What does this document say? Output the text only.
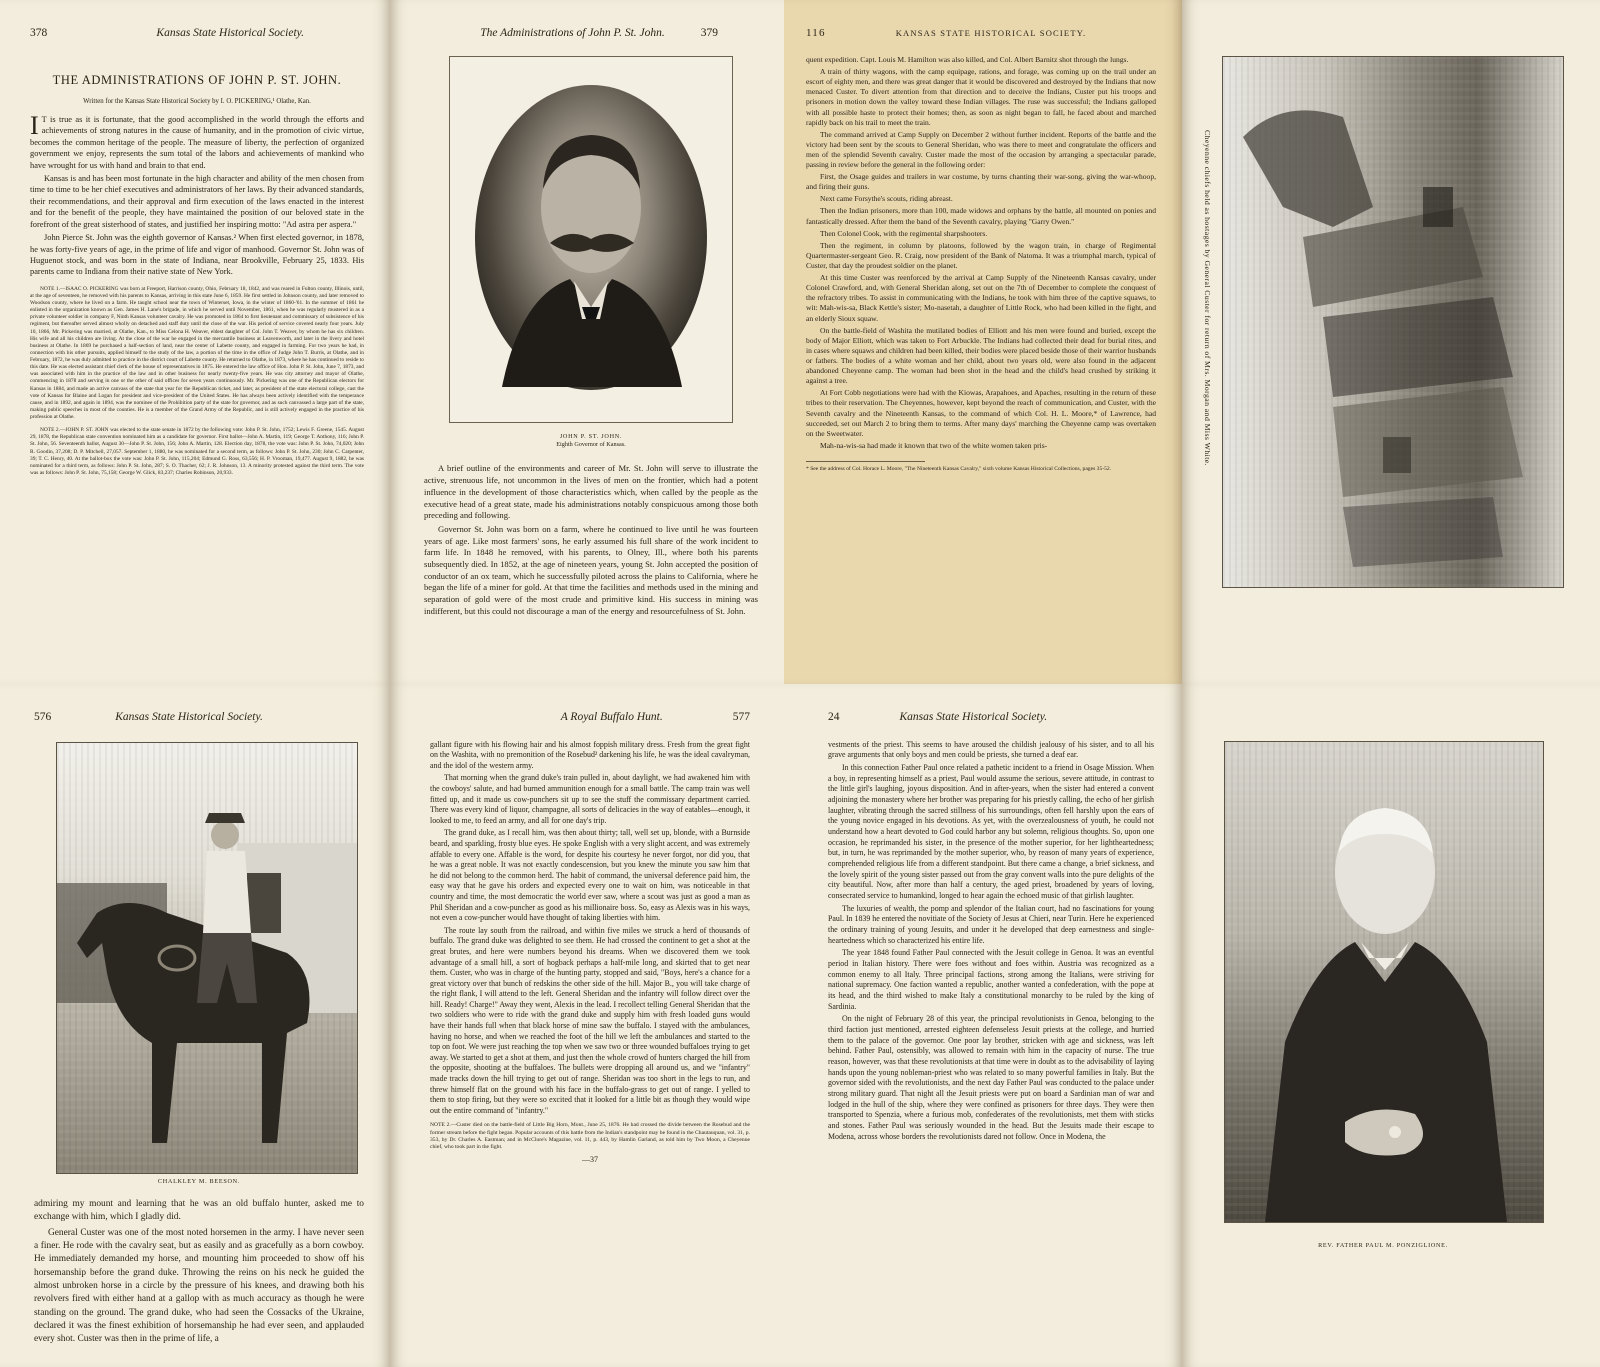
378	Kansas State Historical Society.
THE ADMINISTRATIONS OF JOHN P. ST. JOHN.
Written for the Kansas State Historical Society by I. O. PICKERING,¹ Olathe, Kan.

I T is true as it is fortunate, that the good accomplished in the world through the efforts and achievements of strong natures in the cause of humanity, and in the promotion of civic virtue, becomes the common heritage of the people. The measure of liberty, the perfection of organized government we enjoy, represents the sum total of the labors and achievements of mankind who have wrought for us with hand and brain to that end.

Kansas is and has been most fortunate in the high character and ability of the men chosen from time to time to be her chief executives and administrators of her laws. By their advanced standards, their recommendations, and their approval and firm execution of the laws enacted in the interest and for the benefit of the people, they have maintained the position of our beloved state in the forefront of the great sisterhood of states, and justified her inspiring motto: "Ad astra per aspera."

John Pierce St. John was the eighth governor of Kansas.² When first elected governor, in 1878, he was forty-five years of age, in the prime of life and vigor of manhood. Governor St. John was of Huguenot stock, and was born in the state of Indiana, near Brookville, February 25, 1833. His parents came to Indiana from their native state of New York.

NOTE 1.—ISAAC O. PICKERING was born at Freeport, Harrison county, Ohio, February 18, 1842, and was reared in Fulton county, Illinois, until, at the age of seventeen, he removed with his parents to Kansas, arriving in this state June 6, 1859. He first settled in Johnson county, and later removed to Woodson county, where he lived on a farm. He taught school near the town of Winterset, Iowa, in the winter of 1860-'61. In the summer of 1861 he enlisted in the organization known as Gen. James H. Lane's brigade, in which he served until November, 1861, when he was regularly mustered in as a private volunteer soldier in company F, Ninth Kansas volunteer cavalry. He was promoted in 1864 to first lieutenant and commissary of subsistence of his regiment, but thereafter served almost wholly on detached and staff duty until the close of the war. His period of service covered nearly four years. July 10, 1866, Mr. Pickering was married, at Olathe, Kan., to Miss Celona H. Weaver, eldest daughter of Col. John T. Weaver, by whom he has six children. His wife and all his children are living. At the close of the war he engaged in the mercantile business at Leavenworth, and later in the livery and hotel business at Olathe. In 1869 he purchased a half-section of land, near the center of Labette county, and engaged in farming. For two years he had, in connection with his other pursuits, applied himself to the study of the law, a portion of the time in the office of Judge John T. Burris, at Olathe, and in February, 1872, he was duly admitted to practice in the district court of Labette county. He returned to Olathe, in 1873, where he has continued to reside to this date. He was elected assistant chief clerk of the house of representatives in 1875. He entered the law office of Hon. John P. St. John, June 7, 1873, and was associated with him in the practice of the law and in other business for nearly twenty-five years. He was city attorney and mayor of Olathe, commencing in 1878 and serving in one or the other of said offices for seven years continuously. Mr. Pickering was one of the Republican electors for Kansas in 1884, and made an active canvass of the state that year for the Republican ticket, and later, as president of the state electoral college, cast the vote of Kansas for Blaine and Logan for president and vice-president of the United States. He has always been actively identified with the temperance cause, and in 1892, and again in 1894, was the nominee of the Prohibition party of the state for governor, and as such canvassed a large part of the state, making public speeches in most of the counties. He is a member of the Grand Army of the Republic, and is still actively engaged in the practice of his profession at Olathe.

NOTE 2.—JOHN P. ST. JOHN was elected to the state senate in 1872 by the following vote: John P. St. John, 1752; Lewis F. Greene, 1545. August 29, 1878, the Republican state convention nominated him as a candidate for governor. First ballot—John A. Martin, 119; George T. Anthony, 116; John P. St. John, 56. Seventeenth ballot, August 30—John P. St. John, 156; John A. Martin, 128. Election day, 1878, the vote was: John P. St. John, 74,020; John R. Goodin, 37,208; D. P. Mitchell, 27,057. September 1, 1880, he was nominated for a second term, as follows: John P. St. John, 230; John C. Carpenter, 39; T. C. Henry, 40. At the ballot-box the vote was: John P. St. John, 115,204; Edmund G. Ross, 63,556; H. P. Vrooman, 19,477. August 9, 1882, he was nominated for a third term, as follows: John P. St. John, 287; S. O. Thacher, 62; J. R. Johnson, 13. A minority protested against the third term. The vote was as follows: John P. St. John, 75,158; George W. Glick, 83,237; Charles Robinson, 20,933.

The Administrations of John P. St. John.	379
JOHN P. ST. JOHN.
Eighth Governor of Kansas.

A brief outline of the environments and career of Mr. St. John will serve to illustrate the active, strenuous life, not uncommon in the lives of men on the frontier, which had a potent influence in the development of those characteristics which, when called by the people as the executive head of a great state, made his administrations notably conspicuous among those both preceding and following.

Governor St. John was born on a farm, where he continued to live until he was fourteen years of age. Like most farmers' sons, he early assumed his full share of the work incident to farm life. In 1848 he removed, with his parents, to Olney, Ill., where both his parents subsequently died. In 1852, at the age of nineteen years, young St. John accepted the position of conductor of an ox team, which he successfully piloted across the plains to California, where he began the life of a miner for gold. At that time the facilities and methods used in the mining and separation of gold were of the most crude and primitive kind. His success in mining was indifferent, but this could not discourage a man of the energy and resourcefulness of St. John.

116	KANSAS STATE HISTORICAL SOCIETY.

quent expedition. Capt. Louis M. Hamilton was also killed, and Col. Albert Barnitz shot through the lungs.

A train of thirty wagons, with the camp equipage, rations, and forage, was coming up on the trail under an escort of eighty men, and there was great danger that it would be discovered and destroyed by the Indians that now menaced Custer. To divert attention from that direction and to deceive the Indians, Custer put his troops and prisoners in motion down the valley toward these Indian villages. The ruse was successful; the Indians galloped with all possible haste to protect their homes; then, as soon as night began to fall, he faced about and marched rapidly back on his trail to meet the train.

The command arrived at Camp Supply on December 2 without further incident. Reports of the battle and the victory had been sent by the scouts to General Sheridan, who was there to meet and congratulate the officers and men of the splendid Seventh cavalry. Custer made the most of the occasion by arranging a spectacular parade, passing in review before the general in the following order:

First, the Osage guides and trailers in war costume, by turns chanting their war-song, giving the war-whoop, and firing their guns.

Next came Forsythe's scouts, riding abreast.

Then the Indian prisoners, more than 100, made widows and orphans by the battle, all mounted on ponies and fantastically dressed. After them the band of the Seventh cavalry, playing "Garry Owen."

Then Colonel Cook, with the regimental sharpshooters.

Then the regiment, in column by platoons, followed by the wagon train, in charge of Regimental Quartermaster-sergeant Geo. R. Craig, now president of the Bank of Natoma. It was a triumphal march, typical of Custer, that day the proudest soldier on the planet.

At this time Custer was reenforced by the arrival at Camp Supply of the Nineteenth Kansas cavalry, under Colonel Crawford, and, with General Sheridan along, set out on the 7th of December to complete the conquest of the refractory tribes. To assist in communicating with the Indians, he took with him three of the captive squaws, to wit: Mah-wis-sa, Black Kettle's sister; Mo-nasetah, a daughter of Little Rock, who had been killed in the fight, and an elderly Sioux squaw.

On the battle-field of Washita the mutilated bodies of Elliott and his men were found and buried, except the body of Major Elliott, which was taken to Fort Arbuckle. The Indians had collected their dead for burial rites, and in cases where squaws and children had been killed, their bodies were placed beside those of their warrior husbands or fathers. The bodies of a white woman and her child, about two years old, were also found in the adjacent abandoned Cheyenne camp. The woman had been shot in the head and the child's head crushed by striking it against a tree.

At Fort Cobb negotiations were had with the Kiowas, Arapahoes, and Apaches, resulting in the return of these tribes to their reservation. The Cheyennes, however, kept beyond the reach of communication, and Custer, with the Seventh cavalry and the Nineteenth Kansas, to the command of which Col. H. L. Moore,* of Lawrence, had succeeded, set out March 2 to bring them to terms. After many days' marching the Cheyenne camp was overtaken on the Sweetwater.

Mah-na-wis-sa had made it known that two of the white women taken pris-

* See the address of Col. Horace L. Moore, "The Nineteenth Kansas Cavalry," sixth volume Kansas Historical Collections, pages 35-52.
Cheyenne chiefs held as hostages by General Custer for return of Mrs. Morgan and Miss White.
576	Kansas State Historical Society.
CHALKLEY M. BEESON.

admiring my mount and learning that he was an old buffalo hunter, asked me to exchange with him, which I gladly did.

General Custer was one of the most noted horsemen in the army. I have never seen a finer. He rode with the cavalry seat, but as easily and as gracefully as a born cowboy. He immediately demanded my horse, and mounting him proceeded to show off his horsemanship before the grand duke. Throwing the reins on his neck he guided the almost unbroken horse in a circle by the pressure of his knees, and drawing both his revolvers fired with either hand at a gallop with as much accuracy as though he were standing on the ground. The grand duke, who had seen the Cossacks of the Ukraine, declared it was the finest exhibition of horsemanship he had ever seen, and applauded every shot. Custer was then in the prime of life, a

A Royal Buffalo Hunt.	577

gallant figure with his flowing hair and his almost foppish military dress. Fresh from the great fight on the Washita, with no premonition of the Rosebud² darkening his life, he was the ideal cavalryman, and the idol of the western army.

That morning when the grand duke's train pulled in, about daylight, we had awakened him with the cowboys' salute, and had burned ammunition enough for a small battle. The camp train was well fitted up, and it made us cow-punchers sit up to see the stuff the commissary department carried. There was every kind of liquor, champagne, all sorts of delicacies in the way of eatables—enough, it looked to me, to feed an army, and all for one day's trip.

The grand duke, as I recall him, was then about thirty; tall, well set up, blonde, with a Burnside beard, and sparkling, frosty blue eyes. He spoke English with a very slight accent, and was extremely affable to every one. Affable is the word, for despite his courtesy he never forgot, nor did you, that he was a great noble. It was not exactly condescension, but you knew the minute you saw him that he did not belong to the common herd. The habit of command, the universal deference paid him, the easy way that he gave his orders and expected every one to wait on him, was noticeable in that country and time, the most democratic the world ever saw, where a scout was just as good a man as Phil Sheridan and a cow-puncher as good as his millionaire boss. So, easy as Alexis was in his ways, not even a cow-puncher would have thought of taking liberties with him.

The route lay south from the railroad, and within five miles we struck a herd of thousands of buffalo. The grand duke was delighted to see them. He had crossed the continent to get a shot at the great brutes, and here were numbers beyond his dreams. When we discovered them we took advantage of a small hill, a sort of hogback perhaps a half-mile long, and skirted that to get near them. Custer, who was in charge of the hunting party, stopped and said, "Boys, here's a chance for a great victory over that bunch of redskins the other side of the hill. Major B., you will take charge of the right flank, I will attend to the left. General Sheridan and the infantry will follow direct over the hill. Ready! Charge!" Away they went, Alexis in the lead. I recollect telling General Sheridan that the two soldiers who were to ride with the grand duke and supply him with fresh loaded guns would have their hands full when that black horse of mine saw the buffalo. I stayed with the ambulances, having no horse, and when we reached the foot of the hill we left the ambulances and started to the top on foot. We were just reaching the top when we saw two or three wounded buffaloes trying to get away. We started to get a shot at them, and just then the whole crowd of hunters charged the hill from the opposite, shooting at the buffaloes. The bullets were dropping all around us, and we "infantry" made tracks down the hill trying to get out of range. Sheridan was too short in the legs to run, and threw himself flat on the ground with his face in the buffalo-grass to get out of range. I yelled to them to stop firing, but they were so excited that it looked for a little bit as though they would wipe out the entire command of "infantry."

NOTE 2.—Custer died on the battle-field of Little Big Horn, Mont., June 25, 1876. He had crossed the divide between the Rosebud and the former stream before the fight began. Popular accounts of this battle from the Indian's standpoint may be found in the Chautauquan, vol. 31, p. 353, by Dr. Charles A. Eastman; and in McClure's Magazine, vol. 11, p. 443, by Hamlin Garland, as told him by Two Moon, a Cheyenne chief, who took part in the fight.
—37
24	Kansas State Historical Society.

vestments of the priest. This seems to have aroused the childish jealousy of his sister, and to all his grave arguments that only boys and men could be priests, she turned a deaf ear.

In this connection Father Paul once related a pathetic incident to a friend in Osage Mission. When a boy, in representing himself as a priest, Paul would assume the serious, severe attitude, in contrast to the little girl's laughing, joyous disposition. And in after-years, when the sister had entered a convent adjoining the monastery where her brother was preparing for his priestly calling, the echo of her girlish laughter, vibrating through the sacred stillness of his surroundings, often fell harshly upon the ears of the young novice engaged in his devotions. As yet, with the overzealousness of youth, he could not understand how a heart devoted to God could harbor any but solemn, religious thoughts. So, upon one occasion, he reprimanded his sister, in the presence of the mother superior, for her lightheartedness; but, in turn, he was reprimanded by the mother superior, who, by reason of many years of experience, comprehended religious life from a different standpoint. But there came a change, a brief sickness, and the lovely spirit of the young sister passed out from the gray convent walls into the pure delights of the city beautiful. Now, after more than half a century, the aged priest, broadened by years of loving, consecrated service to humankind, longed to hear again the echoed music of that girlish laughter.

The luxuries of wealth, the pomp and splendor of the Italian court, had no fascinations for young Paul. In 1839 he entered the novitiate of the Society of Jesus at Chieri, near Turin. Here he experienced the ordinary training of young Jesuits, and under it he developed that deep earnestness and single-heartedness which so characterized his entire life.

The year 1848 found Father Paul connected with the Jesuit college in Genoa. It was an eventful period in Italian history. There were foes without and foes within. Austria was recognized as a common enemy to all Italy. Three principal factions, strong among the Italians, were striving for national supremacy. One faction wanted a republic, another wanted a confederation, with the pope at its head, and the third wished to make Italy a constitutional monarchy to be ruled by the king of Sardinia.

On the night of February 28 of this year, the principal revolutionists in Genoa, belonging to the third faction just mentioned, arrested eighteen defenseless Jesuit priests at the college, and hurried them to the palace of the governor. One poor lay brother, stricken with age and sickness, was left behind. Father Paul, ostensibly, was allowed to remain with him in the capacity of nurse. The true reason, however, was that these revolutionists at that time were in doubt as to the advisability of laying hands upon the young nobleman-priest who was related to so many powerful families in Italy. But the governor sided with the revolutionists, and the next day Father Paul was conducted to the palace under strong military guard. That night all the Jesuit priests were put on board a Sardinian man of war and lodged in the hull of the ship, where they were confined as prisoners for three days. They were then transported to Spenzia, where a furious mob, confederates of the revolutionists, met them with sticks and stones. Father Paul was seriously wounded in the head. But the Jesuits made their escape to Modena, across whose borders the revolutionists dared not follow. Once in Modena, the

REV. FATHER PAUL M. PONZIGLIONE.
